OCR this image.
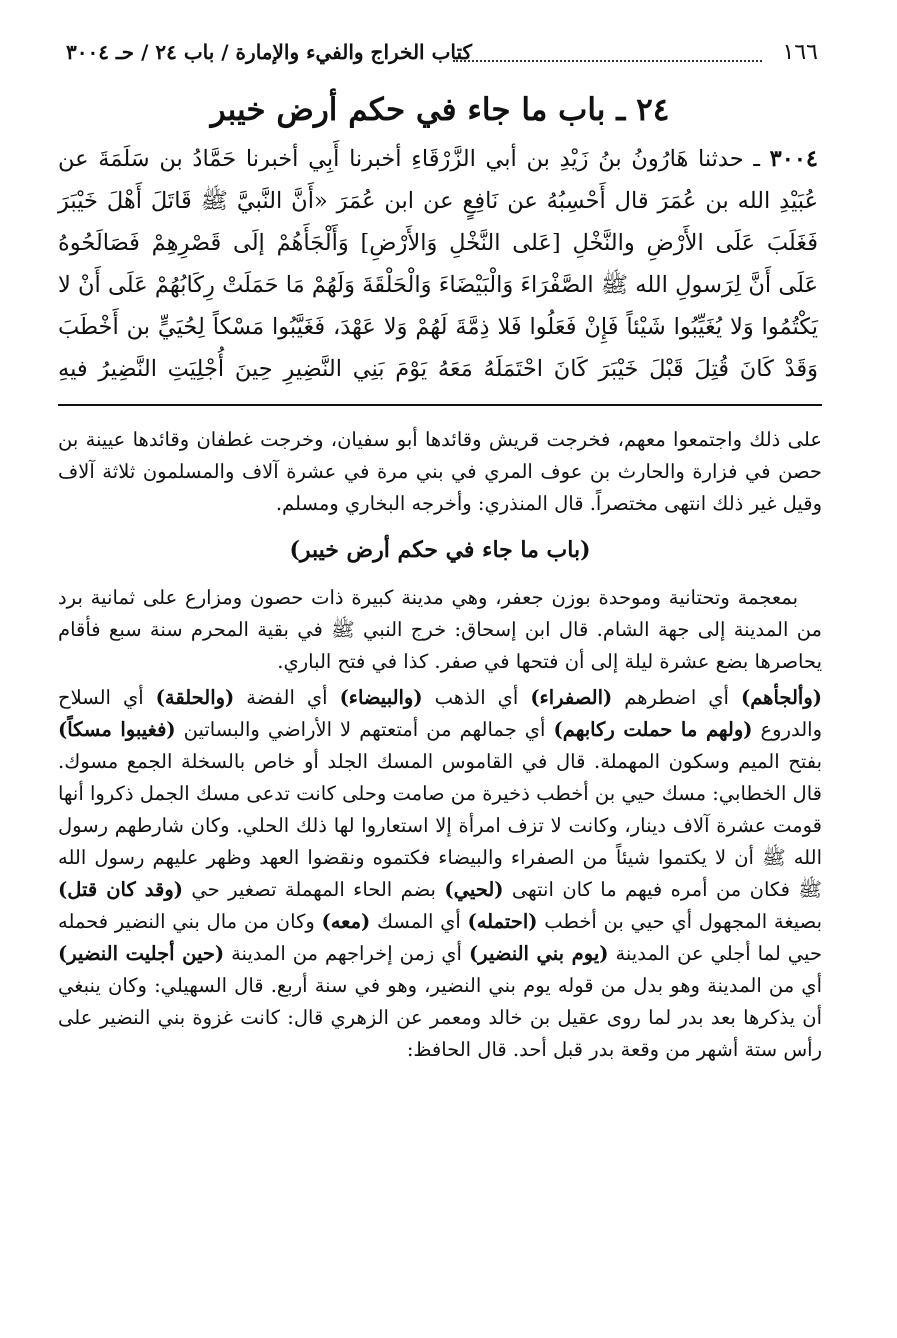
١٦٦
كتاب الخراج والفيء والإمارة / باب ٢٤ / حـ ٣٠٠٤
٢٤ ـ باب ما جاء في حكم أرض خيبر

٣٠٠٤ ـ حدثنا هَارُونُ بنُ زَيْدِ بن أبي الزَّرْقَاءِ أخبرنا أَبِي أخبرنا حَمَّادُ بن سَلَمَةَ عن عُبَيْدِ الله بن عُمَرَ قال أَحْسِبُهُ عن نَافِعٍ عن ابن عُمَرَ «أَنَّ النَّبيَّ ﷺ قَاتَلَ أَهْلَ خَيْبَرَ فَغَلَبَ عَلَى الأَرْضِ والنَّخْلِ [عَلى النَّخْلِ وَالأَرْضِ] وَأَلْجَأَهُمْ إلَى قَصْرِهِمْ فَصَالَحُوهُ عَلَى أَنَّ لِرَسولِ الله ﷺ الصَّفْرَاءَ وَالْبَيْضَاءَ وَالْحَلْقَةَ وَلَهُمْ مَا حَمَلَتْ رِكَابُهُمْ عَلَى أَنْ لا يَكْتُمُوا وَلا يُغَيِّبُوا شَيْئاً فَإِنْ فَعَلُوا فَلا ذِمَّةَ لَهُمْ وَلا عَهْدَ، فَغَيَّبُوا مَسْكاً لِحُيَيٍّ بن أَخْطَبَ وَقَدْ كَانَ قُتِلَ قَبْلَ خَيْبَرَ كَانَ احْتَمَلَهُ مَعَهُ يَوْمَ بَنِي النَّضِيرِ حِينَ أُجْلِيَتِ النَّضِيرُ فيهِ

على ذلك واجتمعوا معهم، فخرجت قريش وقائدها أبو سفيان، وخرجت غطفان وقائدها عيينة بن حصن في فزارة والحارث بن عوف المري في بني مرة في عشرة آلاف والمسلمون ثلاثة آلاف وقيل غير ذلك انتهى مختصراً. قال المنذري: وأخرجه البخاري ومسلم.

(باب ما جاء في حكم أرض خيبر)

بمعجمة وتحتانية وموحدة بوزن جعفر، وهي مدينة كبيرة ذات حصون ومزارع على ثمانية برد من المدينة إلى جهة الشام. قال ابن إسحاق: خرج النبي ﷺ في بقية المحرم سنة سبع فأقام يحاصرها بضع عشرة ليلة إلى أن فتحها في صفر. كذا في فتح الباري.

(وألجأهم) أي اضطرهم (الصفراء) أي الذهب (والبيضاء) أي الفضة (والحلقة) أي السلاح والدروع (ولهم ما حملت ركابهم) أي جمالهم من أمتعتهم لا الأراضي والبساتين (فغيبوا مسكاً) بفتح الميم وسكون المهملة. قال في القاموس المسك الجلد أو خاص بالسخلة الجمع مسوك. قال الخطابي: مسك حيي بن أخطب ذخيرة من صامت وحلى كانت تدعى مسك الجمل ذكروا أنها قومت عشرة آلاف دينار، وكانت لا تزف امرأة إلا استعاروا لها ذلك الحلي. وكان شارطهم رسول الله ﷺ أن لا يكتموا شيئاً من الصفراء والبيضاء فكتموه ونقضوا العهد وظهر عليهم رسول الله ﷺ فكان من أمره فيهم ما كان انتهى (لحيي) بضم الحاء المهملة تصغير حي (وقد كان قتل) بصيغة المجهول أي حيي بن أخطب (احتمله) أي المسك (معه) وكان من مال بني النضير فحمله حيي لما أجلي عن المدينة (يوم بني النضير) أي زمن إخراجهم من المدينة (حين أجليت النضير) أي من المدينة وهو بدل من قوله يوم بني النضير، وهو في سنة أربع. قال السهيلي: وكان ينبغي أن يذكرها بعد بدر لما روى عقيل بن خالد ومعمر عن الزهري قال: كانت غزوة بني النضير على رأس ستة أشهر من وقعة بدر قبل أحد. قال الحافظ:
